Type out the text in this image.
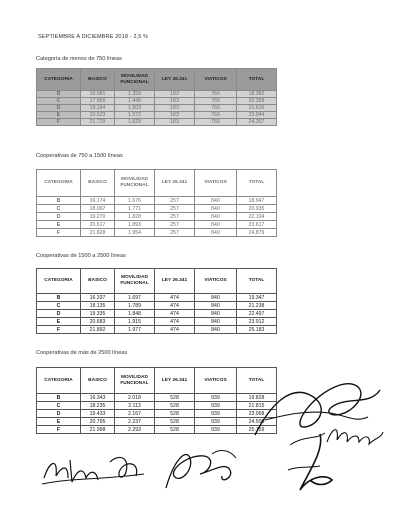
SEPTIEMBRE A DICIEMBRE 2018 - 2,5 %
Categoría de menos de 750 líneas
CATEGORIA	BASICO	MOVILIDAD FUNCIONAL	LEY 26.341	VIATICOS	TOTAL
B	16.081	1.359	183	766	18.382
C	17.965	1.445	183	766	20.359
D	19.164	1.503	183	766	21.616
E	20.523	1.572	183	766	23.044
F	21.729	1.629	183	766	24.307
Cooperativas de 750 a 1500 líneas
CATEGORIA	BASICO	MOVILIDAD FUNCIONAL	LEY 26.341	VIATICOS	TOTAL
B	16.174	1.676	257	840	18.947
C	18.067	1.771	257	840	20.935
D	19.270	1.828	257	840	22.194
E	20.617	1.893	257	840	23.617
F	21.828	1.954	257	840	24.879
Cooperativas de 1500 a 2500 líneas
CATEGORIA	BASICO	MOVILIDAD FUNCIONAL	LEY 26.341	VIATICOS	TOTAL
B	16.337	1.697	474	840	19.347
C	18.135	1.789	474	840	21.238
D	19.335	1.848	474	840	22.497
E	20.683	1.915	474	840	23.912
F	21.892	1.977	474	840	25.183
Cooperativas de más de 2500 líneas
CATEGORIA	BASICO	MOVILIDAD FUNCIONAL	LEY 26.341	VIATICOS	TOTAL
B	16.343	2.018	528	939	19.828
C	18.235	2.113	528	939	21.815
D	19.433	2.167	528	939	23.068
E	20.795	2.237	528	939	24.500
F	21.998	2.293	528	939	25.759
